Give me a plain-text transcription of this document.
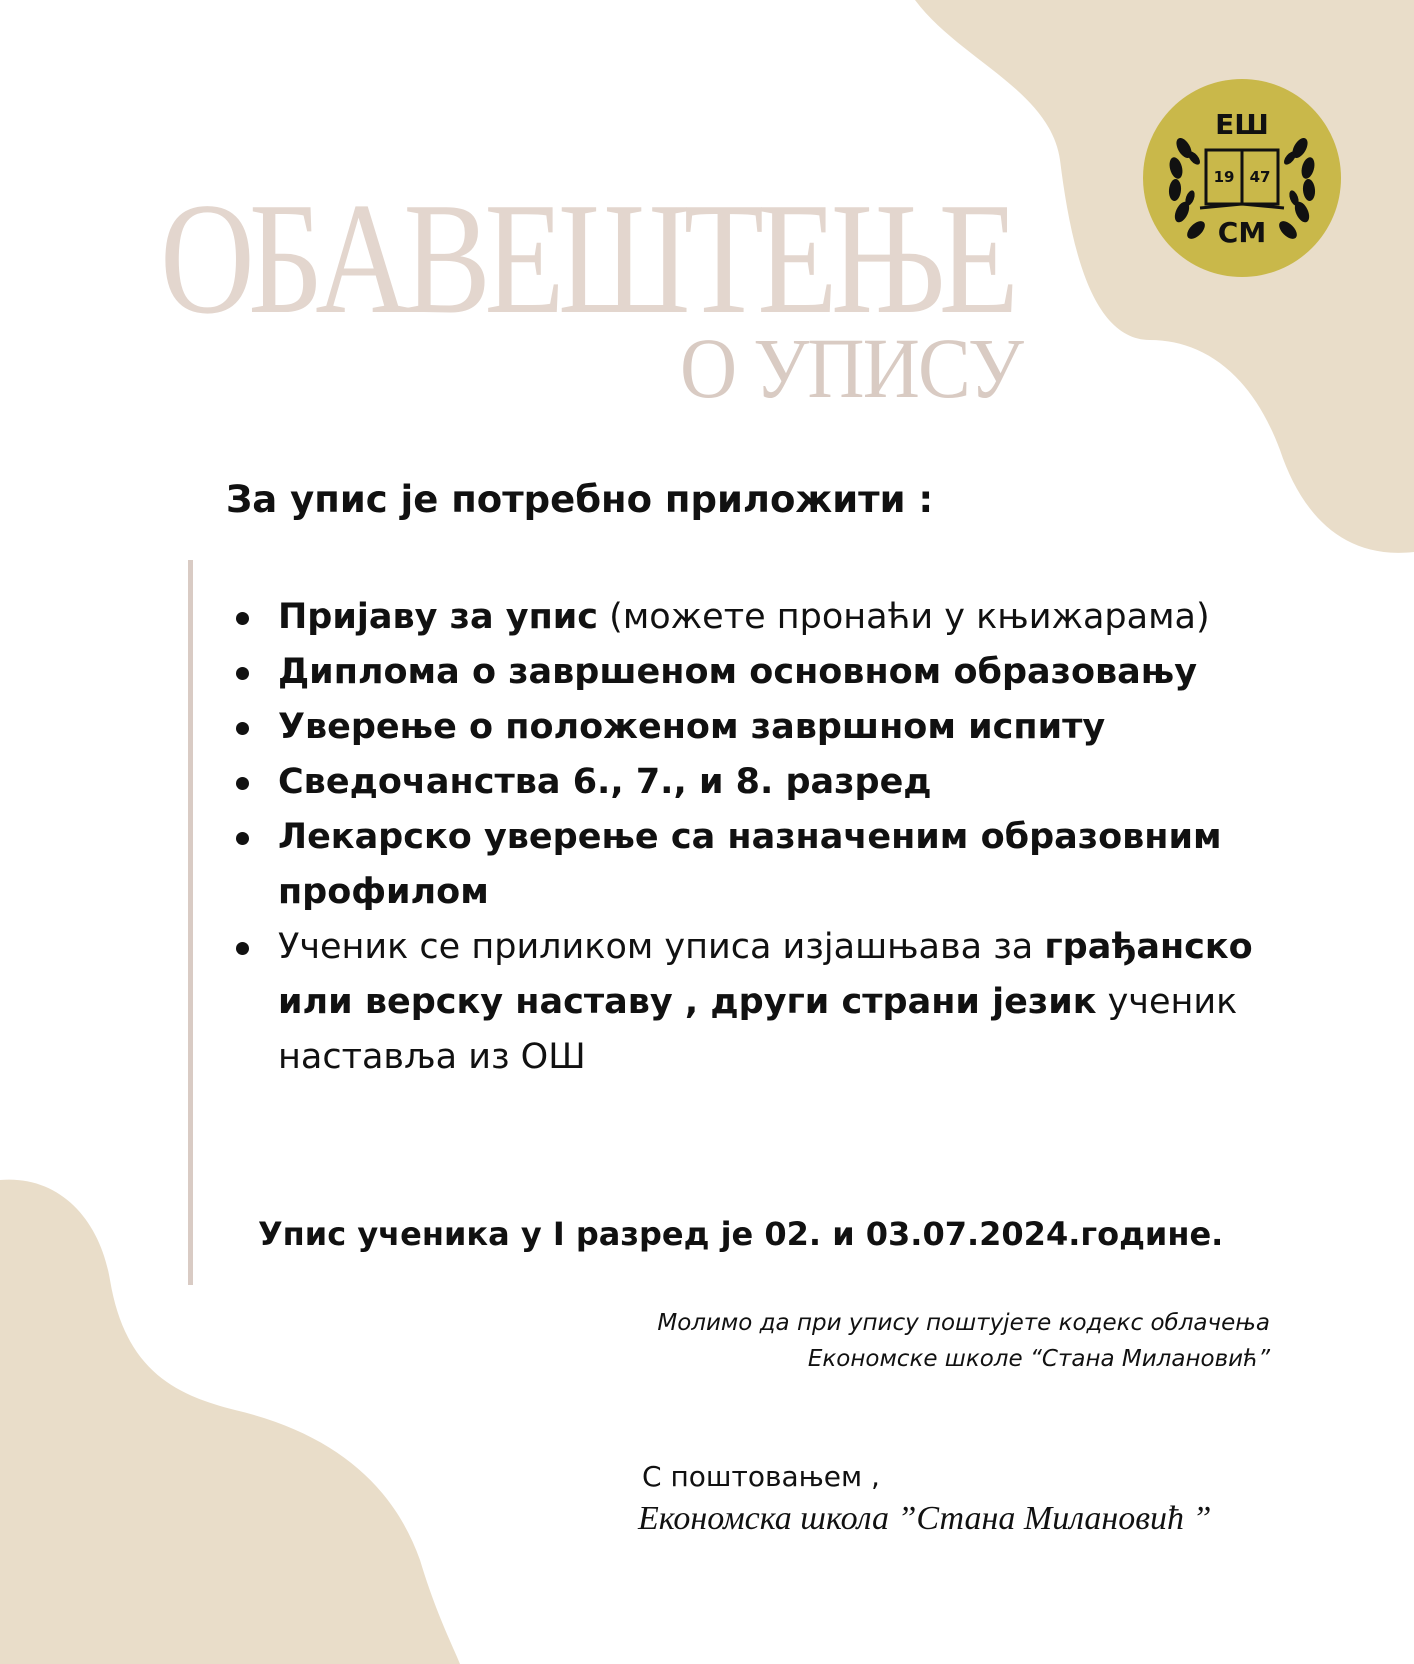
19 47
ЕШ
СМ
ОБАВЕШТЕЊЕ
О УПИСУ
За упис је потребно приложити :
Пријаву за упис (можете пронаћи у књижарама)
Диплома о завршеном основном образовању
Уверење о положеном завршном испиту
Сведочанства 6., 7., и 8. разред
Лекарско уверење са назначеним образовним профилом
Ученик се приликом уписа изјашњава за грађанско или верску наставу , други страни језик ученик наставља из ОШ
Упис ученика у I разред је 02. и 03.07.2024.године.
Молимо да при упису поштујете кодекс облачења
Економске школе “Стана Милановић”
С поштовањем ,
Економска школа ”Стана Милановић ”
